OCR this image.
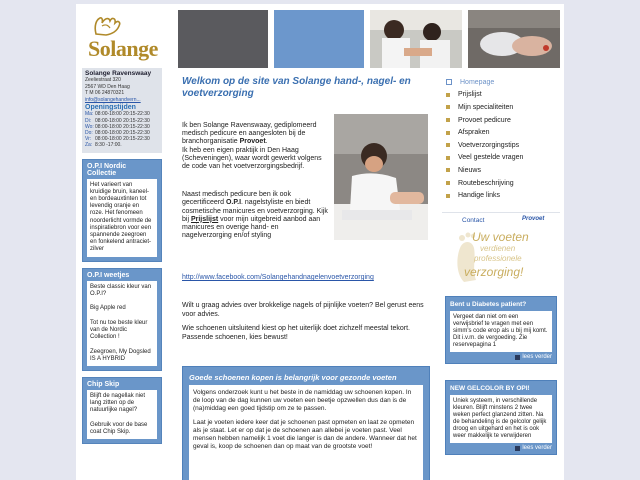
Solange
Solange Ravenswaay
Zeeliestraat 320
2567 WD Den Haag
T M 06 24870321
info@solangehandvern...
Openingstijden
Ma: 08:00-18:00 20:15-22:30
Di: 08:00-18:00 20:15-22:30
Wo: 08:00-18:00 20:15-22:30
Do: 08:00-18:00 20:15-22:30
Vr: 08:00-18:00 20:15-22:30
Za: 8:30 -17:00.
O.P.I Nordic Collectie
Het varieert van kruidige bruin, kaneel-en bordeauxtinten tot levendig oranje en roze. Het fenomeen noorderlicht vormde de inspiratiebron voor een spannende zeegroen en fonkelend antraciet-zilver
O.P.I weetjes
Beste classic kleur van O.P.I?

Big Apple red

Tot nu toe beste kleur van de Nordic Collection !

Zeegroen, My Dogsled IS A HYBRID
Chip Skip
Blijft de nagellak niet lang zitten op de natuurlijke nagel?

Gebruik voor de base coat Chip Skip.
Welkom op de site van Solange hand-, nagel- en voetverzorging

Ik ben Solange Ravenswaay, gediplomeerd medisch pedicure en aangesloten bij de branchorganisatie Provoet.

Ik heb een eigen praktijk in Den Haag (Scheveningen), waar wordt gewerkt volgens de code van het voetverzorgingsbedrijf.

Naast medisch pedicure ben ik ook gecertificeerd O.P.I. nagelstyliste en biedt cosmetische manicures en voetverzorging. Kijk bij Prijslijst voor mijn uitgebreid aanbod aan manicures en overige hand- en nagelverzorging en/of styling

http://www.facebook.com/Solangehandnagelenvoetverzorging

Wilt u graag advies over brokkelige nagels of pijnlijke voeten? Bel gerust eens voor advies.

Wie schoenen uitsluitend kiest op het uiterlijk doet zichzelf meestal tekort. Passende schoenen, kies bewust!

Goede schoenen kopen is belangrijk voor gezonde voeten

Volgens onderzoek kunt u het beste in de namiddag uw schoenen kopen. In de loop van de dag kunnen uw voeten een beetje opzwellen dus dan is de (na)middag een goed tijdstip om ze te passen.

Laat je voeten iedere keer dat je schoenen past opmeten en laat ze opmeten als je staat. Let er op dat je de schoenen aan allebei je voeten past. Veel mensen hebben namelijk 1 voet die langer is dan de andere. Wanneer dat het geval is, koop de schoenen dan op maat van de grootste voet!

Homepage
Prijslijst
Mijn specialiteiten
Provoet pedicure
Afspraken
Voetverzorgingstips
Veel gestelde vragen
Nieuws
Routebeschrijving
Handige links
Contact	Provoet
Uw voeten
verdienen
professionele
verzorging!
Bent u Diabetes patient?
Vergeet dan niet om een verwijsbrief te vragen met een simm's code erop als u bij mij komt. Dit i.v.m. de vergoeding. Zie reservepagina 1
lees verder
NEW GELCOLOR BY OPI!
Uniek systeem, in verschillende kleuren. Blijft minstens 2 twee weken perfect glanzend zitten. Na de behandeling is de gelcolor gelijk droog en uitgehard en het is ook weer makkelijk te verwijderen
lees verder
